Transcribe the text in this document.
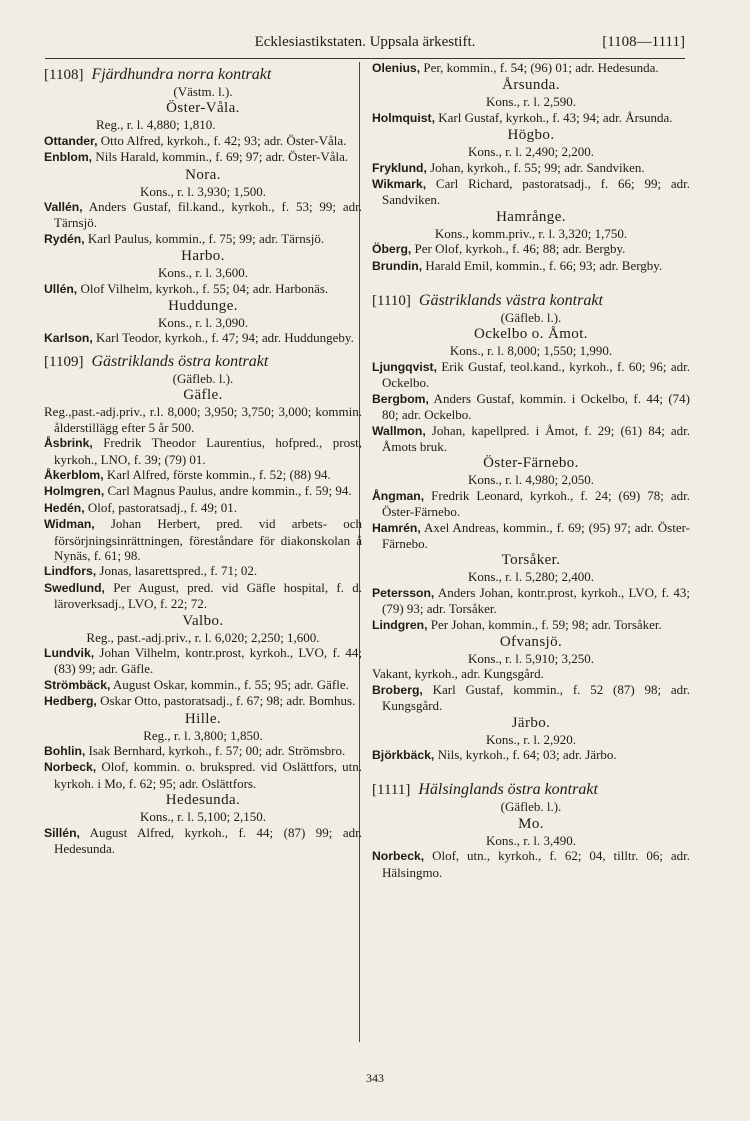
Ecklesiastikstaten. Uppsala ärkestift.	[1108—1111]
[1108] Fjärdhundra norra kontrakt

(Västm. l.).

Öster-Våla.

Reg., r. l. 4,880; 1,810.

Ottander, Otto Alfred, kyrkoh., f. 42; 93; adr. Öster-Våla.

Enblom, Nils Harald, kommin., f. 69; 97; adr. Öster-Våla.

Nora.

Kons., r. l. 3,930; 1,500.

Vallén, Anders Gustaf, fil.kand., kyrkoh., f. 53; 99; adr. Tärnsjö.

Rydén, Karl Paulus, kommin., f. 75; 99; adr. Tärnsjö.

Harbo.

Kons., r. l. 3,600.

Ullén, Olof Vilhelm, kyrkoh., f. 55; 04; adr. Harbonäs.

Huddunge.

Kons., r. l. 3,090.

Karlson, Karl Teodor, kyrkoh., f. 47; 94; adr. Huddungeby.

[1109] Gästriklands östra kontrakt

(Gäfleb. l.).

Gäfle.

Reg.,past.-adj.priv., r.l. 8,000; 3,950; 3,750; 3,000; kommin. ålderstillägg efter 5 år 500.

Åsbrink, Fredrik Theodor Laurentius, hofpred., prost, kyrkoh., LNO, f. 39; (79) 01.

Åkerblom, Karl Alfred, förste kommin., f. 52; (88) 94.

Holmgren, Carl Magnus Paulus, andre kommin., f. 59; 94.

Hedén, Olof, pastoratsadj., f. 49; 01.

Widman, Johan Herbert, pred. vid arbets- och försörjningsinrättningen, föreståndare för diakonskolan å Nynäs, f. 61; 98.

Lindfors, Jonas, lasarettspred., f. 71; 02.

Swedlund, Per August, pred. vid Gäfle hospital, f. d. läroverksadj., LVO, f. 22; 72.

Valbo.

Reg., past.-adj.priv., r. l. 6,020; 2,250; 1,600.

Lundvik, Johan Vilhelm, kontr.prost, kyrkoh., LVO, f. 44; (83) 99; adr. Gäfle.

Strömbäck, August Oskar, kommin., f. 55; 95; adr. Gäfle.

Hedberg, Oskar Otto, pastoratsadj., f. 67; 98; adr. Bomhus.

Hille.

Reg., r. l. 3,800; 1,850.

Bohlin, Isak Bernhard, kyrkoh., f. 57; 00; adr. Strömsbro.

Norbeck, Olof, kommin. o. brukspred. vid Oslättfors, utn. kyrkoh. i Mo, f. 62; 95; adr. Oslättfors.

Hedesunda.

Kons., r. l. 5,100; 2,150.

Sillén, August Alfred, kyrkoh., f. 44; (87) 99; adr. Hedesunda.

Olenius, Per, kommin., f. 54; (96) 01; adr. Hedesunda.

Årsunda.

Kons., r. l. 2,590.

Holmquist, Karl Gustaf, kyrkoh., f. 43; 94; adr. Årsunda.

Högbo.

Kons., r. l. 2,490; 2,200.

Fryklund, Johan, kyrkoh., f. 55; 99; adr. Sandviken.

Wikmark, Carl Richard, pastoratsadj., f. 66; 99; adr. Sandviken.

Hamrånge.

Kons., komm.priv., r. l. 3,320; 1,750.

Öberg, Per Olof, kyrkoh., f. 46; 88; adr. Bergby.

Brundin, Harald Emil, kommin., f. 66; 93; adr. Bergby.

[1110] Gästriklands västra kontrakt

(Gäfleb. l.).

Ockelbo o. Åmot.

Kons., r. l. 8,000; 1,550; 1,990.

Ljungqvist, Erik Gustaf, teol.kand., kyrkoh., f. 60; 96; adr. Ockelbo.

Bergbom, Anders Gustaf, kommin. i Ockelbo, f. 44; (74) 80; adr. Ockelbo.

Wallmon, Johan, kapellpred. i Åmot, f. 29; (61) 84; adr. Åmots bruk.

Öster-Färnebo.

Kons., r. l. 4,980; 2,050.

Ångman, Fredrik Leonard, kyrkoh., f. 24; (69) 78; adr. Öster-Färnebo.

Hamrén, Axel Andreas, kommin., f. 69; (95) 97; adr. Öster-Färnebo.

Torsåker.

Kons., r. l. 5,280; 2,400.

Petersson, Anders Johan, kontr.prost, kyrkoh., LVO, f. 43; (79) 93; adr. Torsåker.

Lindgren, Per Johan, kommin., f. 59; 98; adr. Torsåker.

Ofvansjö.

Kons., r. l. 5,910; 3,250.

Vakant, kyrkoh., adr. Kungsgård.

Broberg, Karl Gustaf, kommin., f. 52 (87) 98; adr. Kungsgård.

Järbo.

Kons., r. l. 2,920.

Björkbäck, Nils, kyrkoh., f. 64; 03; adr. Järbo.

[1111] Hälsinglands östra kontrakt

(Gäfleb. l.).

Mo.

Kons., r. l. 3,490.

Norbeck, Olof, utn., kyrkoh., f. 62; 04, tilltr. 06; adr. Hälsingmo.

343
